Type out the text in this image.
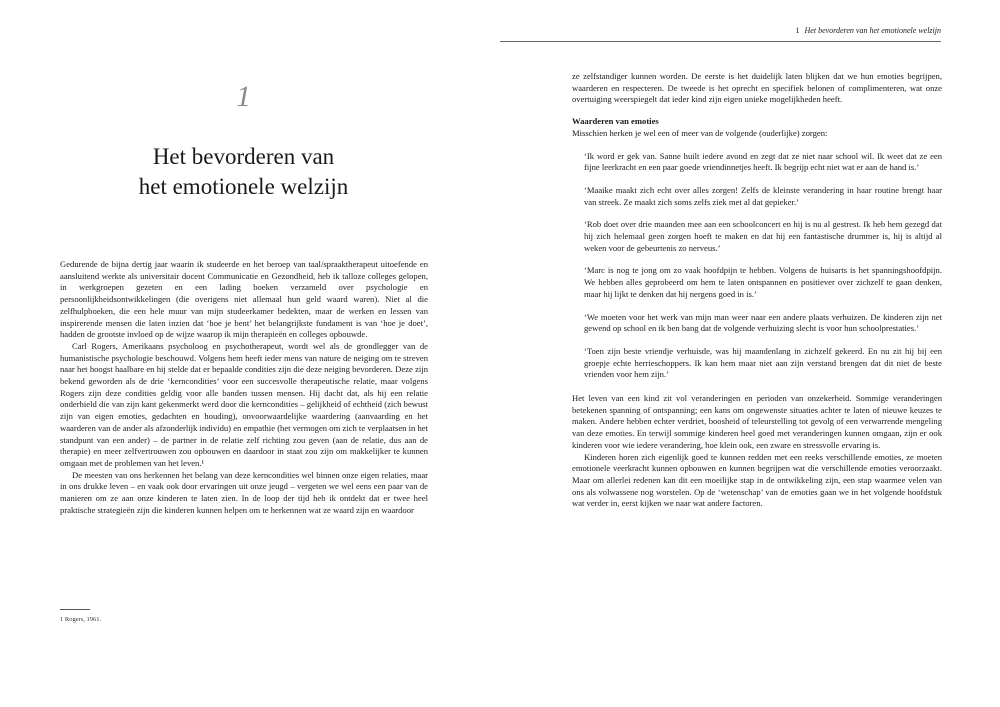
1
Het bevorderen van
het emotionele welzijn

Gedurende de bijna dertig jaar waarin ik studeerde en het beroep van taal/spraaktherapeut uitoefende en aansluitend werkte als universitair docent Communicatie en Gezondheid, heb ik talloze colleges gelopen, in werkgroepen gezeten en een lading boeken verzameld over psychologie en persoonlijkheidsontwikkelingen (die overigens niet allemaal hun geld waard waren). Niet al die zelfhulpboeken, die een hele muur van mijn studeerkamer bedekten, maar de werken en lessen van inspirerende mensen die laten inzien dat ‘hoe je bent’ het belangrijkste fundament is van ‘hoe je doet’, hadden de grootste invloed op de wijze waarop ik mijn therapieën en colleges opbouwde.

Carl Rogers, Amerikaans psycholoog en psychotherapeut, wordt wel als de grondlegger van de humanistische psychologie beschouwd. Volgens hem heeft ieder mens van nature de neiging om te streven naar het hoogst haalbare en hij stelde dat er bepaalde condities zijn die deze neiging bevorderen. Deze zijn bekend geworden als de drie ‘kerncondities’ voor een succesvolle therapeutische relatie, maar volgens Rogers zijn deze condities geldig voor alle banden tussen mensen. Hij dacht dat, als hij een relatie onderhield die van zijn kant gekenmerkt werd door die kerncondities – gelijkheid of echtheid (zich bewust zijn van eigen emoties, gedachten en houding), onvoorwaardelijke waardering (aanvaarding en het waarderen van de ander als afzonderlijk individu) en empathie (het vermogen om zich te verplaatsen in het standpunt van een ander) – de partner in de relatie zelf richting zou geven (aan de relatie, dus aan de therapie) en meer zelfvertrouwen zou opbouwen en daardoor in staat zou zijn om makkelijker te kunnen omgaan met de problemen van het leven.¹

De meesten van ons herkennen het belang van deze kerncondities wel binnen onze eigen relaties, maar in ons drukke leven – en vaak ook door ervaringen uit onze jeugd – vergeten we wel eens een paar van de manieren om ze aan onze kinderen te laten zien. In de loop der tijd heb ik ontdekt dat er twee heel praktische strategieën zijn die kinderen kunnen helpen om te herkennen wat ze waard zijn en waardoor

1 Rogers, 1961.
1 Het bevorderen van het emotionele welzijn

ze zelfstandiger kunnen worden. De eerste is het duidelijk laten blijken dat we hun emoties begrijpen, waarderen en respecteren. De tweede is het oprecht en specifiek belonen of complimenteren, wat onze overtuiging weerspiegelt dat ieder kind zijn eigen unieke mogelijkheden heeft.

Waarderen van emoties

Misschien herken je wel een of meer van de volgende (ouderlijke) zorgen:

‘Ik word er gek van. Sanne huilt iedere avond en zegt dat ze niet naar school wil. Ik weet dat ze een fijne leerkracht en een paar goede vriendinnetjes heeft. Ik begrijp echt niet wat er aan de hand is.’

‘Maaike maakt zich echt over alles zorgen! Zelfs de kleinste verandering in haar routine brengt haar van streek. Ze maakt zich soms zelfs ziek met al dat gepieker.’

‘Rob doet over drie maanden mee aan een schoolconcert en hij is nu al gestrest. Ik heb hem gezegd dat hij zich helemaal geen zorgen hoeft te maken en dat hij een fantastische drummer is, hij is altijd al weken voor de gebeurtenis zo nerveus.’

‘Marc is nog te jong om zo vaak hoofdpijn te hebben. Volgens de huisarts is het spanningshoofdpijn. We hebben alles geprobeerd om hem te laten ontspannen en positiever over zichzelf te gaan denken, maar hij lijkt te denken dat hij nergens goed in is.’

‘We moeten voor het werk van mijn man weer naar een andere plaats verhuizen. De kinderen zijn net gewend op school en ik ben bang dat de volgende verhuizing slecht is voor hun schoolprestaties.’

‘Toen zijn beste vriendje verhuisde, was hij maandenlang in zichzelf gekeerd. En nu zit hij bij een groepje echte herrieschoppers. Ik kan hem maar niet aan zijn verstand brengen dat dit niet de beste vrienden voor hem zijn.’

Het leven van een kind zit vol veranderingen en perioden van onzekerheid. Sommige veranderingen betekenen spanning of ontspanning; een kans om ongewenste situaties achter te laten of nieuwe keuzes te maken. Andere hebben echter verdriet, boosheid of teleurstelling tot gevolg of een verwarrende mengeling van deze emoties. En terwijl sommige kinderen heel goed met veranderingen kunnen omgaan, zijn er ook kinderen voor wie iedere verandering, hoe klein ook, een zware en stressvolle ervaring is.

Kinderen horen zich eigenlijk goed te kunnen redden met een reeks verschillende emoties, ze moeten emotionele veerkracht kunnen opbouwen en kunnen begrijpen wat die verschillende emoties veroorzaakt. Maar om allerlei redenen kan dit een moeilijke stap in de ontwikkeling zijn, een stap waarmee velen van ons als volwassene nog worstelen. Op de ‘wetenschap’ van de emoties gaan we in het volgende hoofdstuk wat verder in, eerst kijken we naar wat andere factoren.
